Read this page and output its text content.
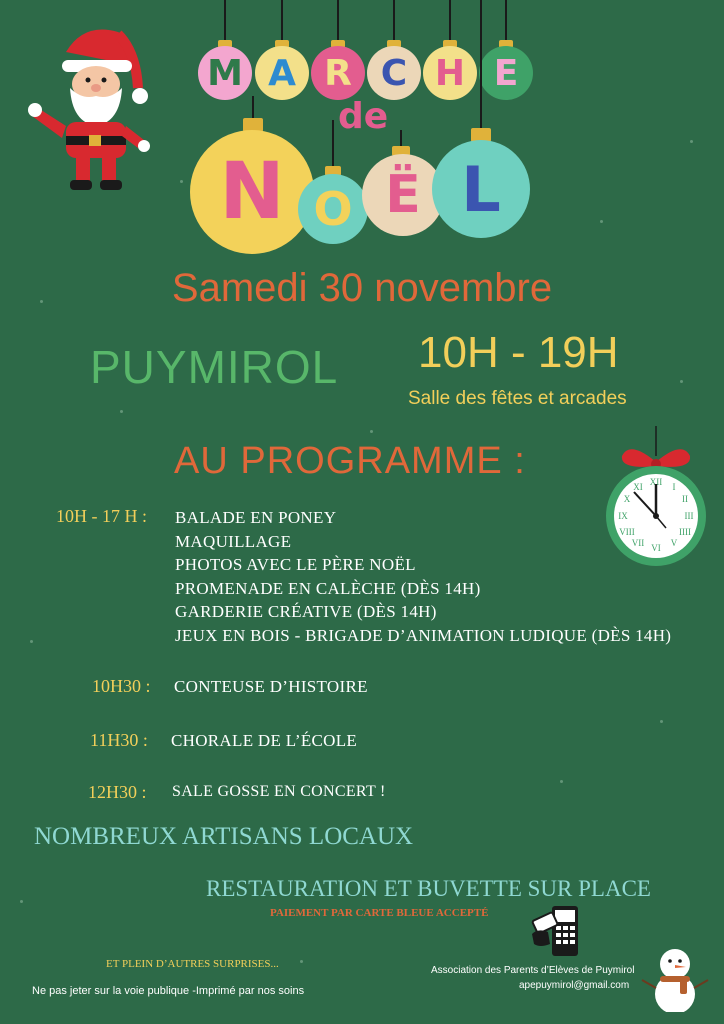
M A R C H E
de
N O Ë L
Samedi 30 novembre
PUYMIROL 10H - 19H
Salle des fêtes et arcades
AU PROGRAMME :	XII I
II
III
IIII
V
VI
VII
VIII
IX
X
XI
10H - 17 H : BALADE EN PONEY
MAQUILLAGE
PHOTOS AVEC LE PÈRE NOËL
PROMENADE EN CALÈCHE (DÈS 14H)
GARDERIE CRÉATIVE (DÈS 14H)
JEUX EN BOIS - BRIGADE D’ANIMATION LUDIQUE (DÈS 14H)
10H30 : CONTEUSE D’HISTOIRE
11H30 : CHORALE DE L’ÉCOLE
12H30 : SALE GOSSE EN CONCERT !
NOMBREUX ARTISANS LOCAUX
RESTAURATION ET BUVETTE SUR PLACE
PAIEMENT PAR CARTE BLEUE ACCEPTÉ
ET PLEIN D’AUTRES SURPRISES...
Ne pas jeter sur la voie publique -Imprimé par nos soins
Association des Parents d’Elèves de Puymirol
apepuymirol@gmail.com
